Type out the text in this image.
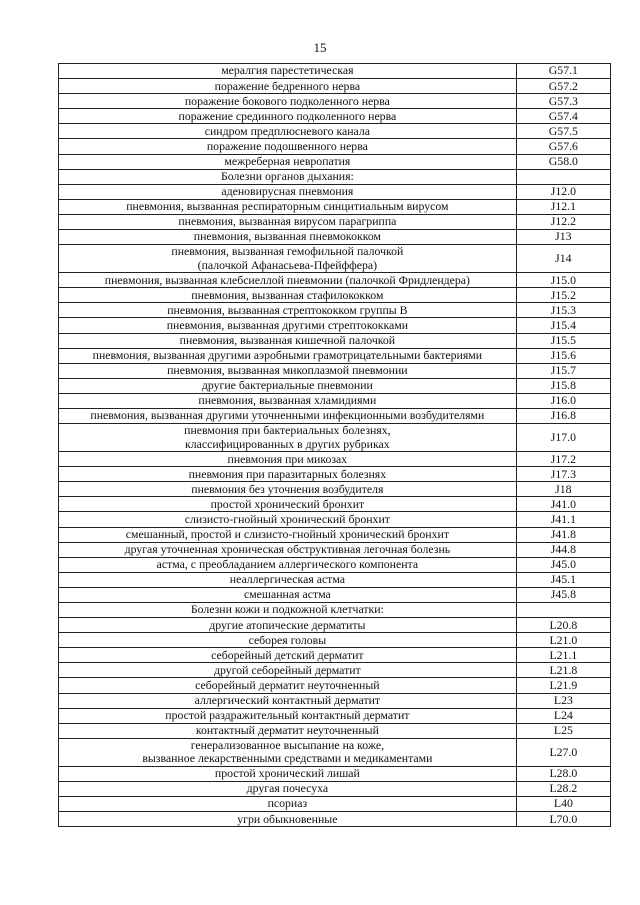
15
мералгия парестетическая	G57.1
поражение бедренного нерва	G57.2
поражение бокового подколенного нерва	G57.3
поражение срединного подколенного нерва	G57.4
синдром предплюсневого канала	G57.5
поражение подошвенного нерва	G57.6
межреберная невропатия	G58.0
Болезни органов дыхания:	
аденовирусная пневмония	J12.0
пневмония, вызванная респираторным синцитиальным вирусом	J12.1
пневмония, вызванная вирусом парагриппа	J12.2
пневмония, вызванная пневмококком	J13
пневмония, вызванная гемофильной палочкой
(палочкой Афанасьева-Пфейффера)	J14
пневмония, вызванная клебсиеллой пневмонии (палочкой Фридлендера)	J15.0
пневмония, вызванная стафилококком	J15.2
пневмония, вызванная стрептококком группы В	J15.3
пневмония, вызванная другими стрептококками	J15.4
пневмония, вызванная кишечной палочкой	J15.5
пневмония, вызванная другими аэробными грамотрицательными бактериями	J15.6
пневмония, вызванная микоплазмой пневмонии	J15.7
другие бактериальные пневмонии	J15.8
пневмония, вызванная хламидиями	J16.0
пневмония, вызванная другими уточненными инфекционными возбудителями	J16.8
пневмония при бактериальных болезнях,
классифицированных в других рубриках	J17.0
пневмония при микозах	J17.2
пневмония при паразитарных болезнях	J17.3
пневмония без уточнения возбудителя	J18
простой хронический бронхит	J41.0
слизисто-гнойный хронический бронхит	J41.1
смешанный, простой и слизисто-гнойный хронический бронхит	J41.8
другая уточненная хроническая обструктивная легочная болезнь	J44.8
астма, с преобладанием аллергического компонента	J45.0
неаллергическая астма	J45.1
смешанная астма	J45.8
Болезни кожи и подкожной клетчатки:	
другие атопические дерматиты	L20.8
себорея головы	L21.0
себорейный детский дерматит	L21.1
другой себорейный дерматит	L21.8
себорейный дерматит неуточненный	L21.9
аллергический контактный дерматит	L23
простой раздражительный контактный дерматит	L24
контактный дерматит неуточненный	L25
генерализованное высыпание на коже,
вызванное лекарственными средствами и медикаментами	L27.0
простой хронический лишай	L28.0
другая почесуха	L28.2
псориаз	L40
угри обыкновенные	L70.0
